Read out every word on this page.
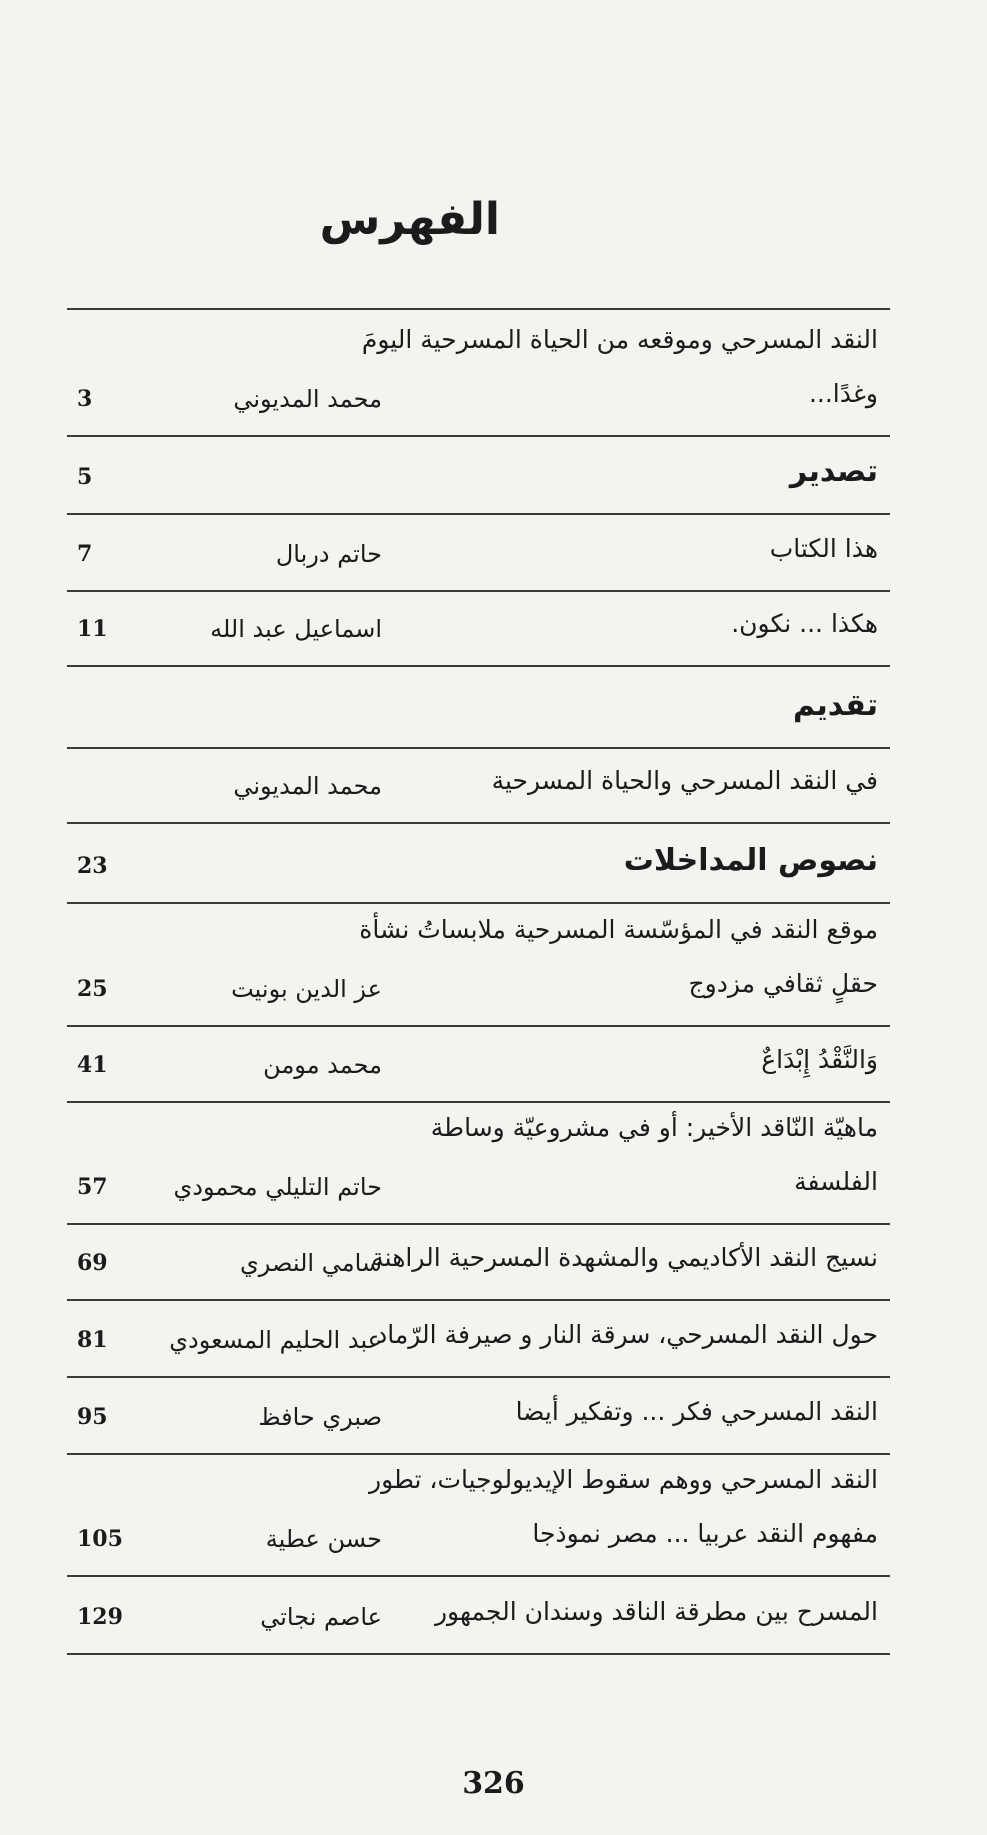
الفهرس
النقد المسرحي وموقعه من الحياة المسرحية اليومَ وغدًا...
محمد المديوني
3
تصدير
5
هذا الكتاب
حاتم دربال
7
هكذا ... نكون.
اسماعيل عبد الله
11
تقديم
في النقد المسرحي والحياة المسرحية
محمد المديوني
نصوص المداخلات
23
موقع النقد في المؤسّسة المسرحية ملابساتُ نشأة حقلٍ ثقافي مزدوج
عز الدين بونيت
25
وَالنَّقْدُ إِبْدَاعٌ
محمد مومن
41
ماهيّة النّاقد الأخير: أو في مشروعيّة وساطة الفلسفة
حاتم التليلي محمودي
57
نسيج النقد الأكاديمي والمشهدة المسرحية الراهنة
سامي النصري
69
حول النقد المسرحي، سرقة النار و صيرفة الرّماد
عبد الحليم المسعودي
81
النقد المسرحي فكر ... وتفكير أيضا
صبري حافظ
95
النقد المسرحي ووهم سقوط الإيديولوجيات، تطور مفهوم النقد عربيا ... مصر نموذجا
حسن عطية
105
المسرح بين مطرقة الناقد وسندان الجمهور
عاصم نجاتي
129
326
